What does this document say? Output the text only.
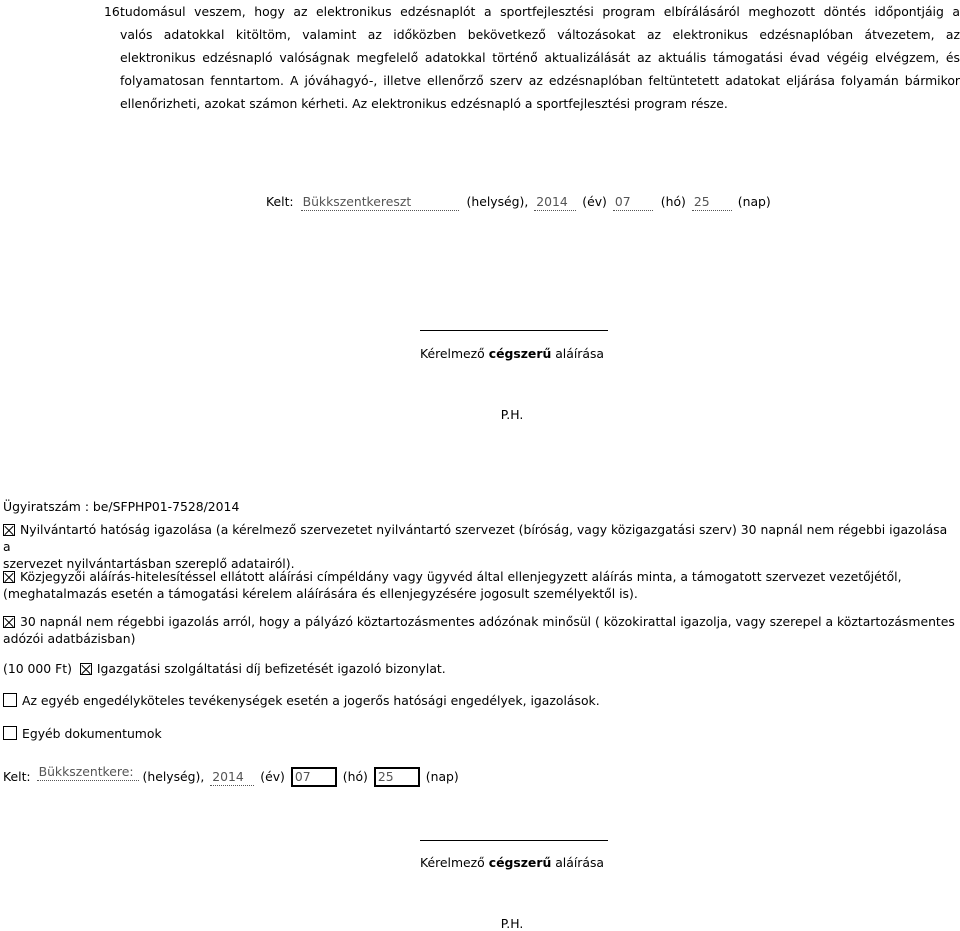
16.
tudomásul veszem, hogy az elektronikus edzésnaplót a sportfejlesztési program elbírálásáról meghozott döntés időpontjáig a
valós adatokkal kitöltöm, valamint az időközben bekövetkező változásokat az elektronikus edzésnaplóban átvezetem, az
elektronikus edzésnapló valóságnak megfelelő adatokkal történő aktualizálását az aktuális támogatási évad végéig elvégzem, és
folyamatosan fenntartom. A jóváhagyó-, illetve ellenőrző szerv az edzésnaplóban feltüntetett adatokat eljárása folyamán bármikor
ellenőrizheti, azokat számon kérheti. Az elektronikus edzésnapló a sportfejlesztési program része.
Kelt: Bükkszentkereszt	(helység), 2014 (év) 07 (hó) 25 (nap)
Kérelmező cégszerű aláírása
P.H.
Ügyiratszám : be/SFPHP01-7528/2014
Nyilvántartó hatóság igazolása (a kérelmező szervezetet nyilvántartó szervezet (bíróság, vagy közigazgatási szerv) 30 napnál nem régebbi igazolása a
szervezet nyilvántartásban szereplő adatairól).
Közjegyzői aláírás-hitelesítéssel ellátott aláírási címpéldány vagy ügyvéd által ellenjegyzett aláírás minta, a támogatott szervezet vezetőjétől,
(meghatalmazás esetén a támogatási kérelem aláírására és ellenjegyzésére jogosult személyektől is).
30 napnál nem régebbi igazolás arról, hogy a pályázó köztartozásmentes adózónak minősül ( közokirattal igazolja, vagy szerepel a köztartozásmentes
adózói adatbázisban)
(10 000 Ft) Igazgatási szolgáltatási díj befizetését igazoló bizonylat.
Az egyéb engedélyköteles tevékenységek esetén a jogerős hatósági engedélyek, igazolások.
Egyéb dokumentumok
Kelt: Bükkszentkere: (helység), 2014 (év) 07	(hó) 25	(nap)
Kérelmező cégszerű aláírása
P.H.
